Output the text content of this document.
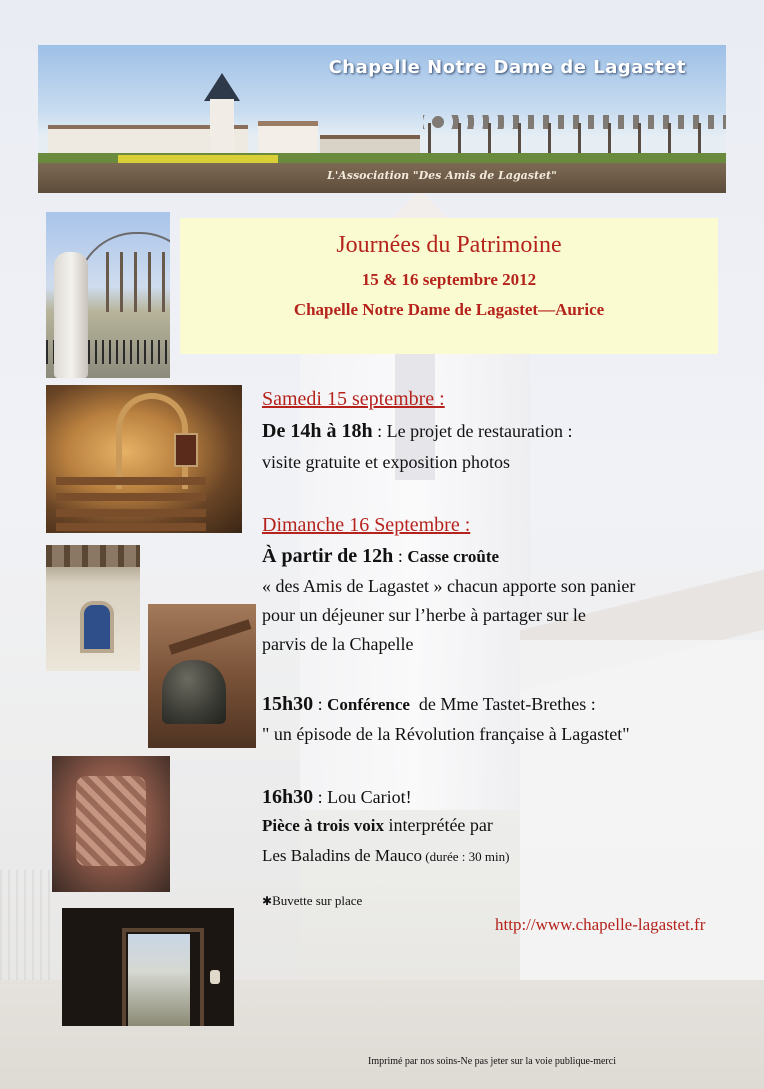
Chapelle Notre Dame de Lagastet
L'Association "Des Amis de Lagastet"
Journées du Patrimoine
15 & 16 septembre 2012
Chapelle Notre Dame de Lagastet—Aurice
Samedi 15 septembre :
De 14h à 18h : Le projet de restauration :
visite gratuite et exposition photos
Dimanche 16 Septembre :
À partir de 12h : Casse croûte
« des Amis de Lagastet » chacun apporte son panier
pour un déjeuner sur l’herbe à partager sur le
parvis de la Chapelle
15h30 : Conférence  de Mme Tastet-Brethes :
" un épisode de la Révolution française à Lagastet"
16h30 : Lou Cariot!
Pièce à trois voix interprétée par
Les Baladins de Mauco (durée : 30 min)
✱Buvette sur place
http://www.chapelle-lagastet.fr
Imprimé par nos soins-Ne pas jeter sur la voie publique-merci
